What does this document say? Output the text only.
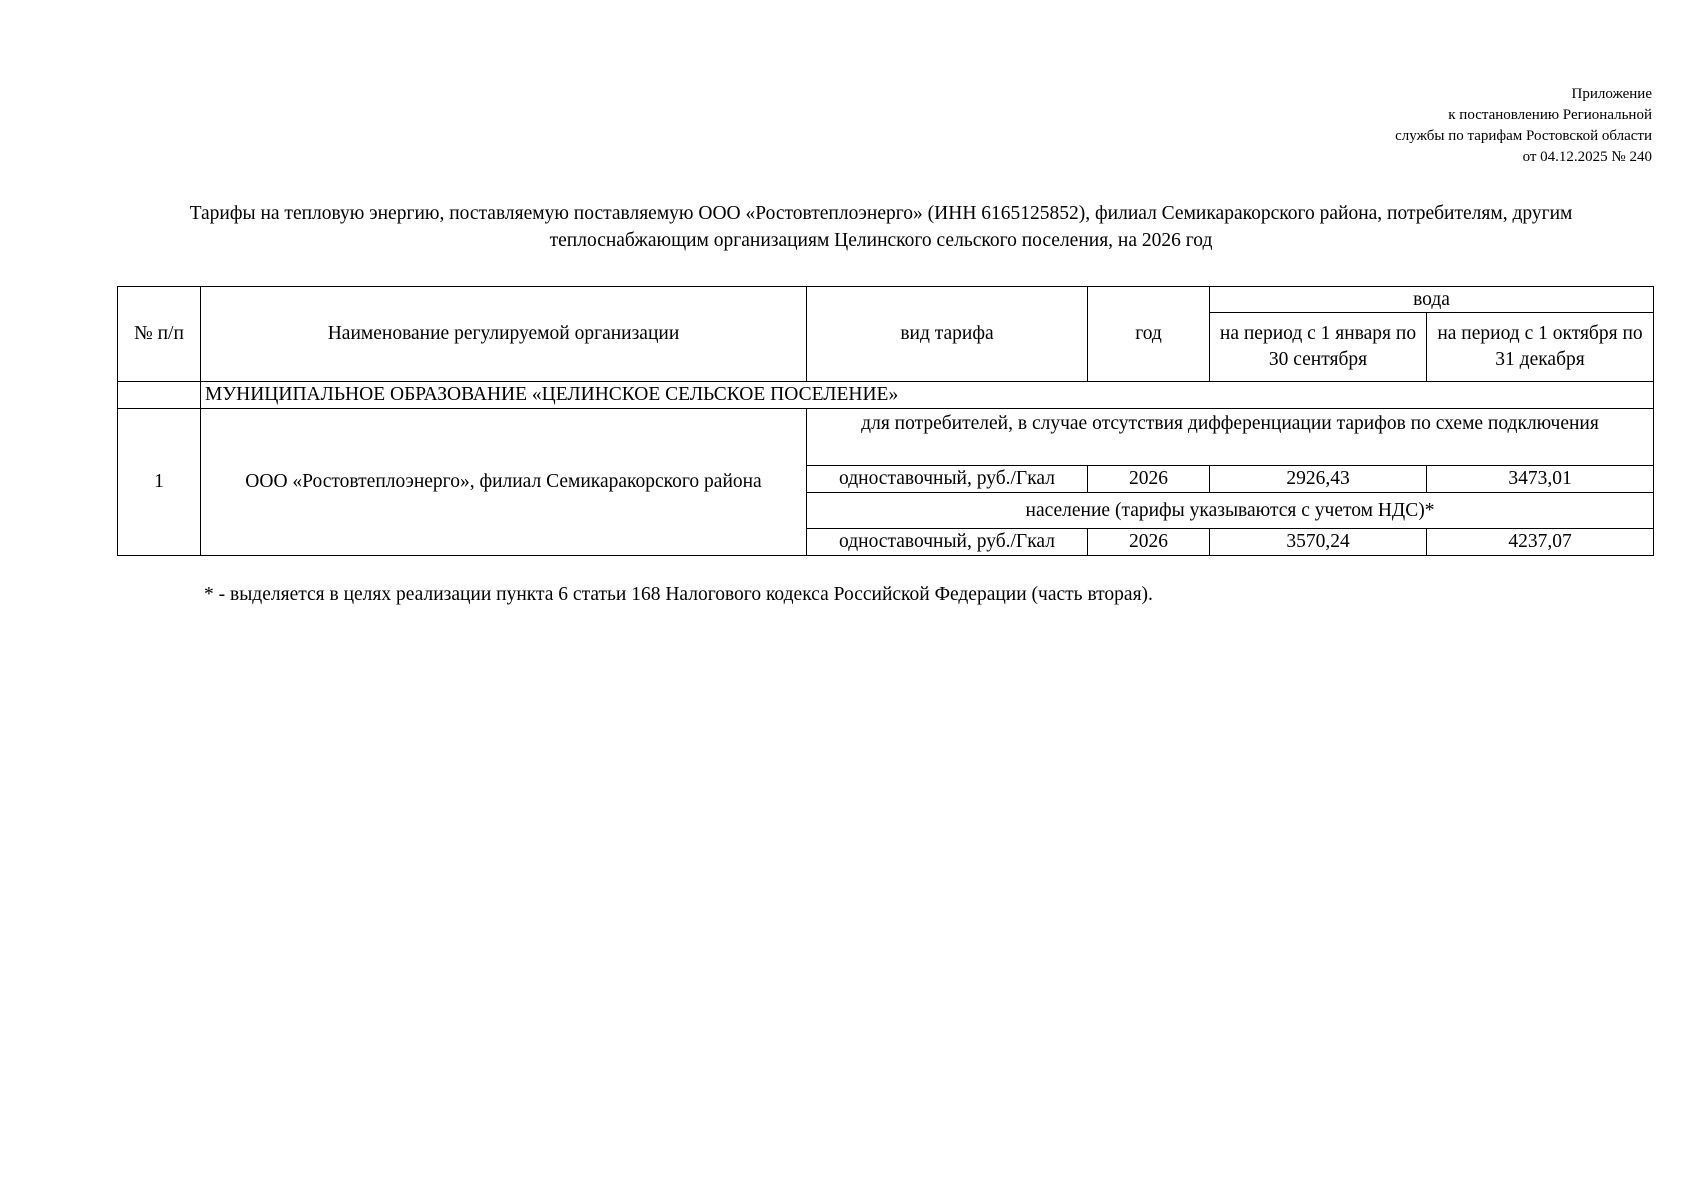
Приложение
к постановлению Региональной
службы по тарифам Ростовской области
от 04.12.2025 № 240
Тарифы на тепловую энергию, поставляемую поставляемую ООО «Ростовтеплоэнерго» (ИНН 6165125852), филиал Семикаракорского района, потребителям, другим
теплоснабжающим организациям Целинского сельского поселения, на 2026 год
№ п/п	Наименование регулируемой организации	вид тарифа	год	вода	
				на период с 1 января по 30 сентября	на период с 1 октября по 31 декабря
	МУНИЦИПАЛЬНОЕ ОБРАЗОВАНИЕ «ЦЕЛИНСКОЕ СЕЛЬСКОЕ ПОСЕЛЕНИЕ»				
1	ООО «Ростовтеплоэнерго», филиал Семикаракорского района	для потребителей, в случае отсутствия дифференциации тарифов по схеме подключения			
		одноставочный, руб./Гкал	2026	2926,43	3473,01
		население (тарифы указываются с учетом НДС)*			
		одноставочный, руб./Гкал	2026	3570,24	4237,07
* - выделяется в целях реализации пункта 6 статьи 168 Налогового кодекса Российской Федерации (часть вторая).
